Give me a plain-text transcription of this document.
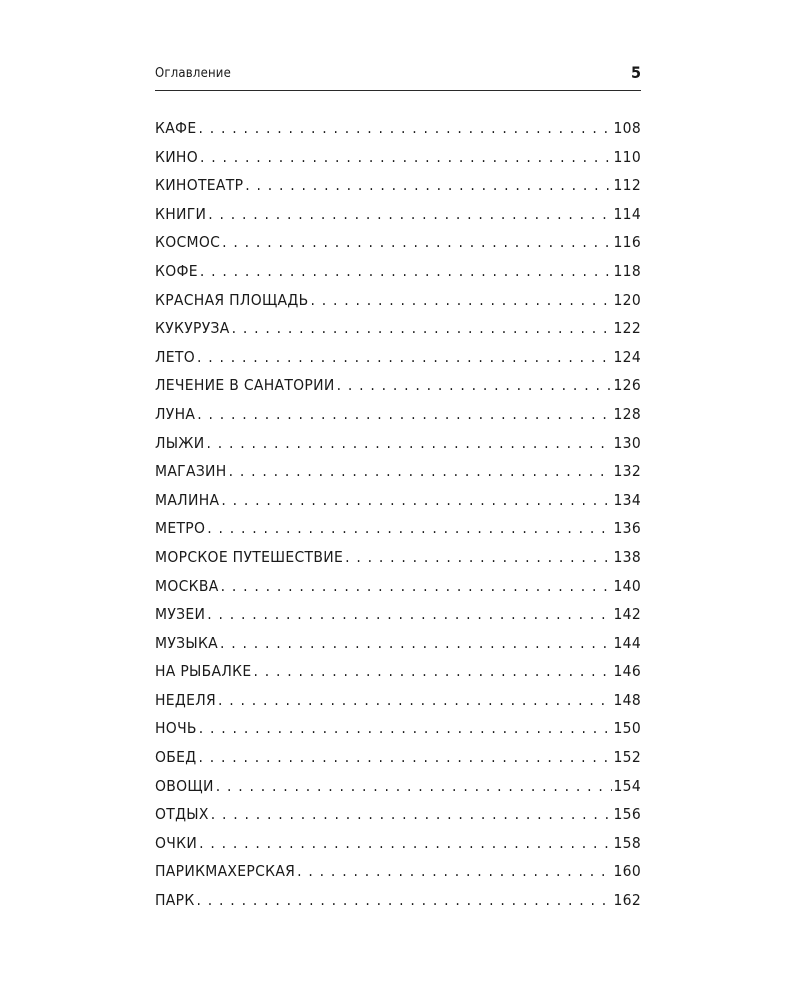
Оглавление	5
КАФЕ . . .	108
КИНО . . .	110
КИНОТЕАТР . . .	112
КНИГИ . . .	114
КОСМОС . . .	116
КОФЕ . . .	118
КРАСНАЯ ПЛОЩАДЬ . . .	120
КУКУРУЗА . . .	122
ЛЕТО . . .	124
ЛЕЧЕНИЕ В САНАТОРИИ . . .	126
ЛУНА . . .	128
ЛЫЖИ . . .	130
МАГАЗИН . . .	132
МАЛИНА . . .	134
МЕТРО . . .	136
МОРСКОЕ ПУТЕШЕСТВИЕ . . .	138
МОСКВА . . .	140
МУЗЕИ . . .	142
МУЗЫКА . . .	144
НА РЫБАЛКЕ . . .	146
НЕДЕЛЯ . . .	148
НОЧЬ . . .	150
ОБЕД . . .	152
ОВОЩИ . . .	154
ОТДЫХ . . .	156
ОЧКИ . . .	158
ПАРИКМАХЕРСКАЯ . . .	160
ПАРК . . .	162
